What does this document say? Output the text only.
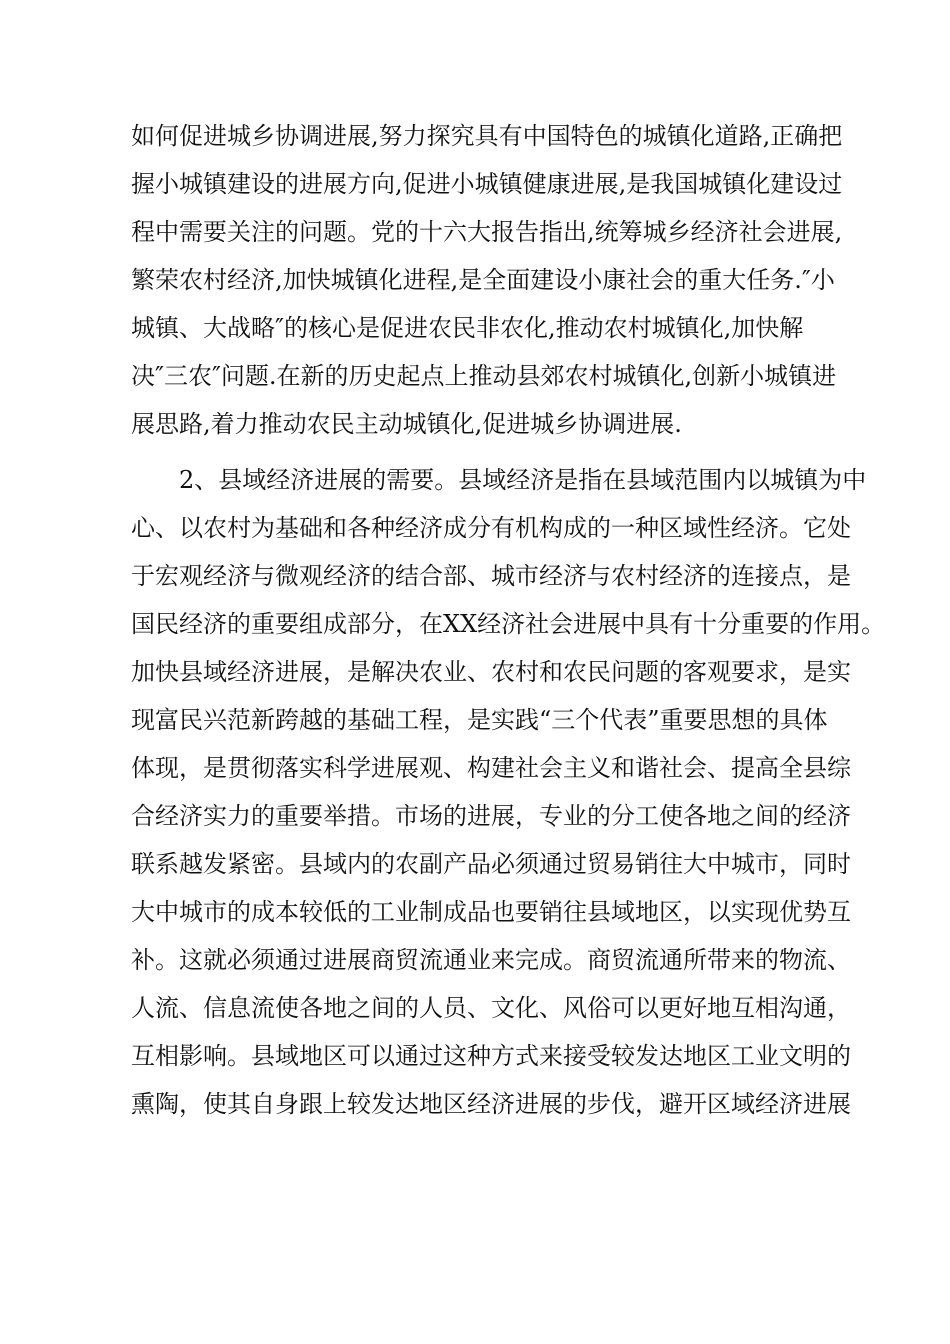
如何促进城乡协调进展,努力探究具有中国特色的城镇化道路,正确把
握小城镇建设的进展方向,促进小城镇健康进展,是我国城镇化建设过
程中需要关注的问题。党的十六大报告指出,统筹城乡经济社会进展,
繁荣农村经济,加快城镇化进程,是全面建设小康社会的重大任务.″小
城镇、大战略″的核心是促进农民非农化,推动农村城镇化,加快解
决″三农″问题.在新的历史起点上推动县郊农村城镇化,创新小城镇进
展思路,着力推动农民主动城镇化,促进城乡协调进展.
　　2、县域经济进展的需要。县域经济是指在县域范围内以城镇为中
心、以农村为基础和各种经济成分有机构成的一种区域性经济。它处
于宏观经济与微观经济的结合部、城市经济与农村经济的连接点，是
国民经济的重要组成部分，在XX经济社会进展中具有十分重要的作用。
加快县域经济进展，是解决农业、农村和农民问题的客观要求，是实
现富民兴范新跨越的基础工程，是实践“三个代表”重要思想的具体
体现，是贯彻落实科学进展观、构建社会主义和谐社会、提高全县综
合经济实力的重要举措。市场的进展，专业的分工使各地之间的经济
联系越发紧密。县域内的农副产品必须通过贸易销往大中城市，同时
大中城市的成本较低的工业制成品也要销往县域地区，以实现优势互
补。这就必须通过进展商贸流通业来完成。商贸流通所带来的物流、
人流、信息流使各地之间的人员、文化、风俗可以更好地互相沟通，
互相影响。县域地区可以通过这种方式来接受较发达地区工业文明的
熏陶，使其自身跟上较发达地区经济进展的步伐，避开区域经济进展
